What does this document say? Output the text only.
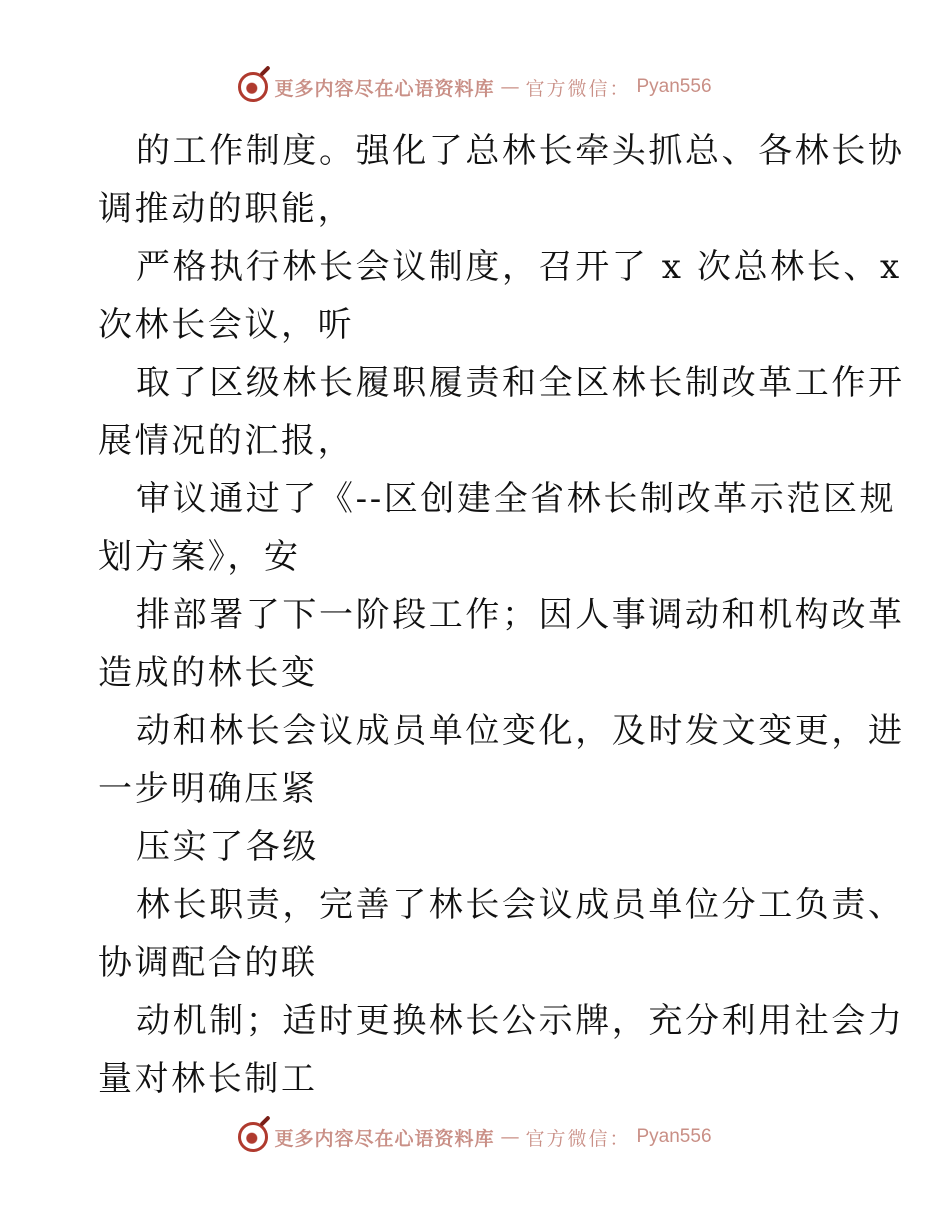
更多内容尽在心语资料库 — 官方微信： Pyan556
的工作制度。强化了总林长牵头抓总、各林长协
调推动的职能，
严格执行林长会议制度，召开了 x 次总林长、x
次林长会议，听
取了区级林长履职履责和全区林长制改革工作开
展情况的汇报，
审议通过了《--区创建全省林长制改革示范区规
划方案》，安
排部署了下一阶段工作；因人事调动和机构改革
造成的林长变
动和林长会议成员单位变化，及时发文变更，进
一步明确压紧
压实了各级
林长职责，完善了林长会议成员单位分工负责、
协调配合的联
动机制；适时更换林长公示牌，充分利用社会力
量对林长制工
更多内容尽在心语资料库 — 官方微信： Pyan556
